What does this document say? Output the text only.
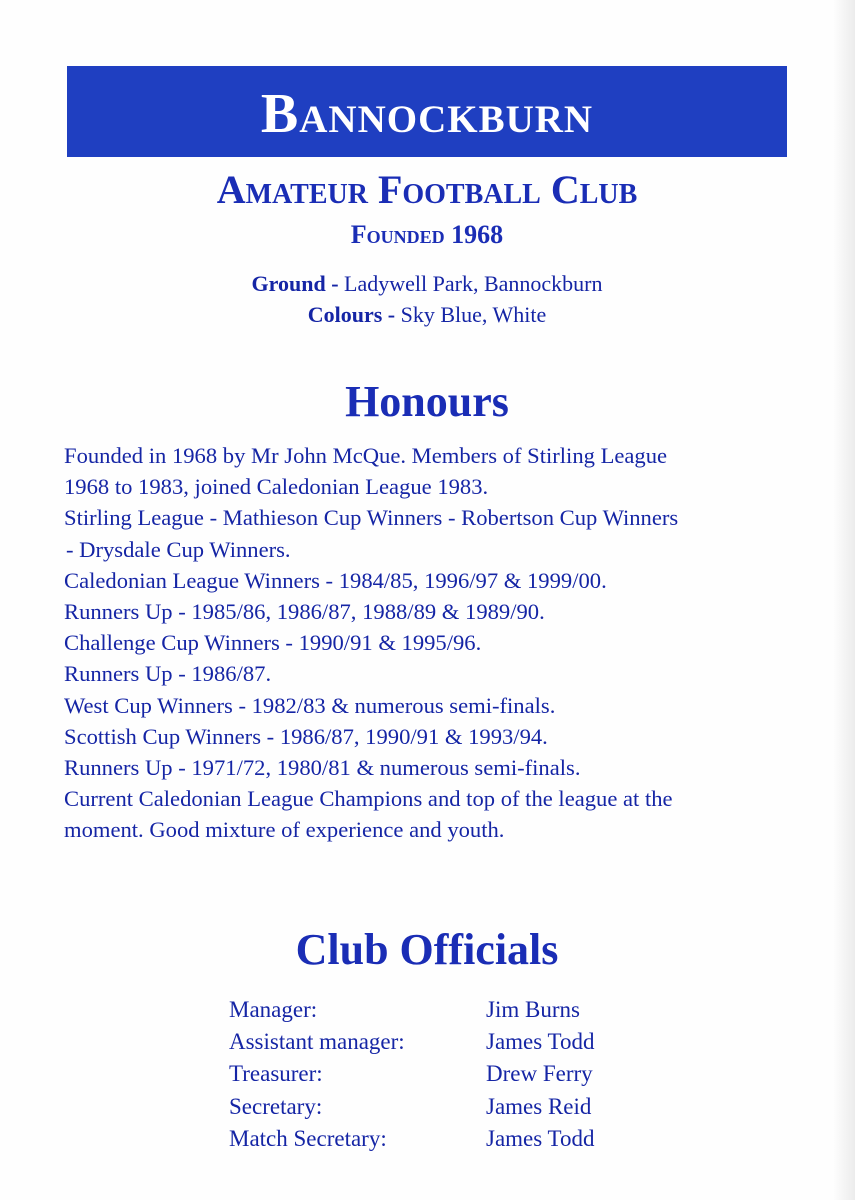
Bannockburn
Amateur Football Club
Founded 1968
Ground - Ladywell Park, Bannockburn
Colours - Sky Blue, White
Honours
Founded in 1968 by Mr John McQue. Members of Stirling League
1968 to 1983, joined Caledonian League 1983.
Stirling League - Mathieson Cup Winners - Robertson Cup Winners
- Drysdale Cup Winners.
Caledonian League Winners - 1984/85, 1996/97 & 1999/00.
Runners Up - 1985/86, 1986/87, 1988/89 & 1989/90.
Challenge Cup Winners - 1990/91 & 1995/96.
Runners Up - 1986/87.
West Cup Winners - 1982/83 & numerous semi-finals.
Scottish Cup Winners - 1986/87, 1990/91 & 1993/94.
Runners Up - 1971/72, 1980/81 & numerous semi-finals.
Current Caledonian League Champions and top of the league at the
moment. Good mixture of experience and youth.
Club Officials
Manager:	Jim Burns
Assistant manager:	James Todd
Treasurer:	Drew Ferry
Secretary:	James Reid
Match Secretary:	James Todd
